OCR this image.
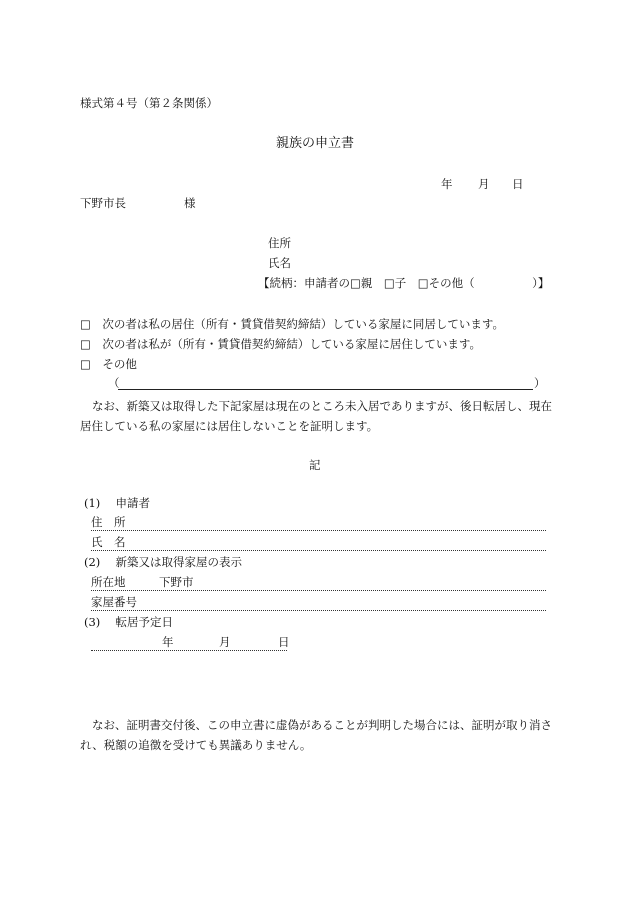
様式第４号（第２条関係）
親族の申立書
年 月 日
下野市長	様
住所
氏名
【続柄：申請者の□親　□子　□その他（　　　　　）】
□　次の者は私の居住（所有・賃貸借契約締結）している家屋に同居しています。
□　次の者は私が（所有・賃貸借契約締結）している家屋に居住しています。
□　その他
（	）
なお、新築又は取得した下記家屋は現在のところ未入居でありますが、後日転居し、現在居住している私の家屋には居住しないことを証明します。
記
(1)　 申請者
住　所
氏　名
(2)　 新築又は取得家屋の表示
所在地	下野市
家屋番号
(3)　 転居予定日
年	月	日
なお、証明書交付後、この申立書に虚偽があることが判明した場合には、証明が取り消され、税額の追徴を受けても異議ありません。
